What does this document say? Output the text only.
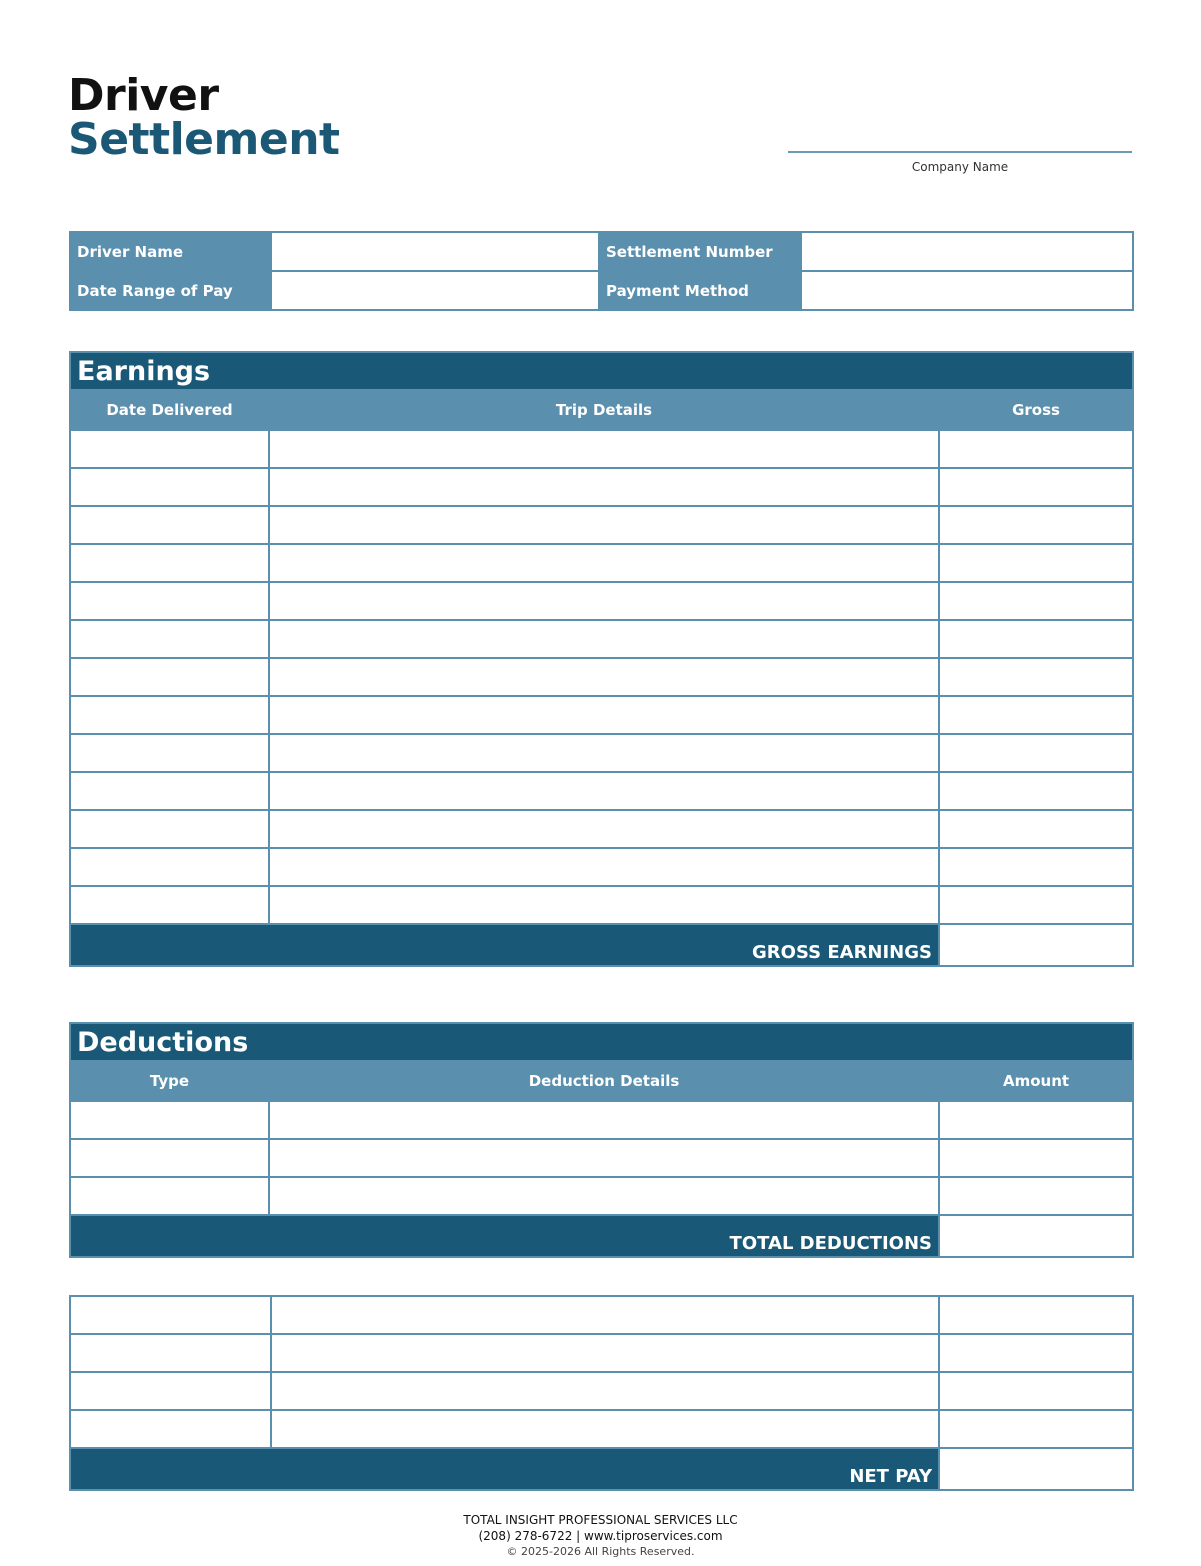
Driver
Settlement
Company Name
Driver Name		Settlement Number	
Date Range of Pay		Payment Method	
Earnings		
Date Delivered	Trip Details	Gross

GROSS EARNINGS		
Deductions		
Type	Deduction Details	Amount

TOTAL DEDUCTIONS		
Gross Earnings		
Total Deductions		
Net Earnings		
Pay Advances		
NET PAY		
TOTAL INSIGHT PROFESSIONAL SERVICES LLC
(208) 278-6722 | www.tiproservices.com
© 2025-2026 All Rights Reserved.
